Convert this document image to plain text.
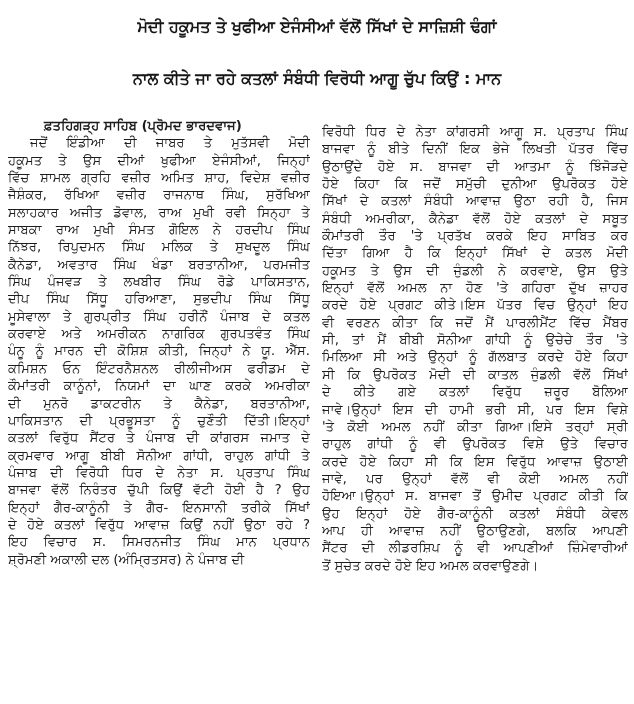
ਮੋਦੀ ਹਕੂਮਤ ਤੇ ਖੁਫੀਆ ਏਜੰਸੀਆਂ ਵੱਲੋਂ ਸਿੱਖਾਂ ਦੇ ਸਾਜ਼ਿਸ਼ੀ ਢੰਗਾਂ
ਨਾਲ ਕੀਤੇ ਜਾ ਰਹੇ ਕਤਲਾਂ ਸੰਬੰਧੀ ਵਿਰੋਧੀ ਆਗੂ ਚੁੱਪ ਕਿਉਂ : ਮਾਨ
ਫ਼ਤਹਿਗੜ੍ਹ ਸਾਹਿਬ (ਪ੍ਰੋਮਦ ਭਾਰਦਵਾਜ)
ਜਦੋਂ ਇੰਡੀਆ ਦੀ ਜਾਬਰ ਤੇ ਮੁਤੱਸਵੀ ਮੋਦੀ
ਹਕੂਮਤ ਤੇ ਉਸ ਦੀਆਂ ਖੁਫੀਆ ਏਜੰਸੀਆਂ, ਜਿਨ੍ਹਾਂ
ਵਿੱਚ ਸ਼ਾਮਲ ਗ੍ਰਹਿ ਵਜ਼ੀਰ ਅਮਿਤ ਸ਼ਾਹ, ਵਿਦੇਸ਼ ਵਜ਼ੀਰ
ਜੈਸ਼ੰਕਰ, ਰੱਖਿਆ ਵਜ਼ੀਰ ਰਾਜਨਾਥ ਸਿੰਘ, ਸੁਰੱਖਿਆ
ਸਲਾਹਕਾਰ ਅਜੀਤ ਡੋਵਾਲ, ਰਾਅ ਮੁਖੀ ਰਵੀ ਸਿਨ੍ਹਾ ਤੇ
ਸਾਬਕਾ ਰਾਅ ਮੁਖੀ ਸੰਮਤ ਗੋਇਲ ਨੇ ਹਰਦੀਪ ਸਿੰਘ
ਨਿੱਝਰ, ਰਿਪੁਦਮਨ ਸਿੰਘ ਮਲਿਕ ਤੇ ਸੁਖਦੂਲ ਸਿੰਘ
ਕੈਨੇਡਾ, ਅਵਤਾਰ ਸਿੰਘ ਖੰਡਾ ਬਰਤਾਨੀਆ, ਪਰਮਜੀਤ
ਸਿੰਘ ਪੰਜਵੜ ਤੇ ਲਖਬੀਰ ਸਿੰਘ ਰੋਡੇ ਪਾਕਿਸਤਾਨ,
ਦੀਪ ਸਿੰਘ ਸਿੱਧੂ ਹਰਿਆਣਾ, ਸੁਭਦੀਪ ਸਿੰਘ ਸਿੱਧੂ
ਮੂਸੇਵਾਲਾ ਤੇ ਗੁਰਪ੍ਰੀਤ ਸਿੰਘ ਹਰੀਨੌਂ ਪੰਜਾਬ ਦੇ ਕਤਲ
ਕਰਵਾਏ ਅਤੇ ਅਮਰੀਕਨ ਨਾਗਰਿਕ ਗੁਰਪਤਵੰਤ ਸਿੰਘ
ਪੰਨੂ ਨੂੰ ਮਾਰਨ ਦੀ ਕੋਸ਼ਿਸ਼ ਕੀਤੀ, ਜਿਨ੍ਹਾਂ ਨੇ ਯੂ. ਐੱਸ.
ਕਮਿਸ਼ਨ ਓਨ ਇੰਟਰਨੈਸ਼ਨਲ ਰੀਲੀਜੀਅਸ ਫਰੀਡਮ ਦੇ
ਕੌਮਾਂਤਰੀ ਕਾਨੂੰਨਾਂ, ਨਿਯਮਾਂ ਦਾ ਘਾਣ ਕਰਕੇ ਅਮਰੀਕਾ
ਦੀ ਮੁਨਰੋ ਡਾਕਟਰੀਨ ਤੇ ਕੈਨੇਡਾ, ਬਰਤਾਨੀਆ,
ਪਾਕਿਸਤਾਨ ਦੀ ਪ੍ਰਭੂਸਤਾ ਨੂੰ ਚੁਣੌਤੀ ਦਿੱਤੀ।ਇਨ੍ਹਾਂ
ਕਤਲਾਂ ਵਿਰੁੱਧ ਸੈਂਟਰ ਤੇ ਪੰਜਾਬ ਦੀ ਕਾਂਗਰਸ ਜਮਾਤ ਦੇ
ਕ੍ਰਮਵਾਰ ਆਗੂ ਬੀਬੀ ਸੋਨੀਆ ਗਾਂਧੀ, ਰਾਹੁਲ ਗਾਂਧੀ ਤੇ
ਪੰਜਾਬ ਦੀ ਵਿਰੋਧੀ ਧਿਰ ਦੇ ਨੇਤਾ ਸ. ਪ੍ਰਤਾਪ ਸਿੰਘ
ਬਾਜਵਾ ਵੱਲੋਂ ਨਿਰੰਤਰ ਚੁੱਪੀ ਕਿਉਂ ਵੱਟੀ ਹੋਈ ਹੈ ? ਉਹ
ਇਨ੍ਹਾਂ ਗੈਰ-ਕਾਨੂੰਨੀ ਤੇ ਗੈਰ- ਇਨਸਾਨੀ ਤਰੀਕੇ ਸਿੱਖਾਂ
ਦੇ ਹੋਏ ਕਤਲਾਂ ਵਿਰੁੱਧ ਆਵਾਜ਼ ਕਿਉਂ ਨਹੀਂ ਉਠਾ ਰਹੇ ?
ਇਹ ਵਿਚਾਰ ਸ. ਸਿਮਰਨਜੀਤ ਸਿੰਘ ਮਾਨ ਪ੍ਰਧਾਨ
ਸ਼੍ਰੋਮਣੀ ਅਕਾਲੀ ਦਲ (ਅੰਮ੍ਰਿਤਸਰ) ਨੇ ਪੰਜਾਬ ਦੀ
ਵਿਰੋਧੀ ਧਿਰ ਦੇ ਨੇਤਾ ਕਾਂਗਰਸੀ ਆਗੂ ਸ. ਪ੍ਰਤਾਪ ਸਿੰਘ
ਬਾਜਵਾ ਨੂੰ ਬੀਤੇ ਦਿਨੀਂ ਇਕ ਭੇਜੇ ਲਿਖਤੀ ਪੱਤਰ ਵਿੱਚ
ਉਠਾਉਂਦੇ ਹੋਏ ਸ. ਬਾਜਵਾ ਦੀ ਆਤਮਾ ਨੂੰ ਝਿੰਜੋੜਦੇ
ਹੋਏ ਕਿਹਾ ਕਿ ਜਦੋਂ ਸਮੁੱਚੀ ਦੁਨੀਆ ਉਪਰੋਕਤ ਹੋਏ
ਸਿੱਖਾਂ ਦੇ ਕਤਲਾਂ ਸੰਬੰਧੀ ਆਵਾਜ਼ ਉਠਾ ਰਹੀ ਹੈ, ਜਿਸ
ਸੰਬੰਧੀ ਅਮਰੀਕਾ, ਕੈਨੇਡਾ ਵੱਲੋਂ ਹੋਏ ਕਤਲਾਂ ਦੇ ਸਬੂਤ
ਕੌਮਾਂਤਰੀ ਤੌਰ 'ਤੇ ਪ੍ਰਤੱਖ ਕਰਕੇ ਇਹ ਸਾਬਿਤ ਕਰ
ਦਿੱਤਾ ਗਿਆ ਹੈ ਕਿ ਇਨ੍ਹਾਂ ਸਿੱਖਾਂ ਦੇ ਕਤਲ ਮੋਦੀ
ਹਕੂਮਤ ਤੇ ਉਸ ਦੀ ਜੁੰਡਲੀ ਨੇ ਕਰਵਾਏ, ਉਸ ਉਤੇ
ਇਨ੍ਹਾਂ ਵੱਲੋਂ ਅਮਲ ਨਾ ਹੋਣ 'ਤੇ ਗਹਿਰਾ ਦੁੱਖ ਜ਼ਾਹਰ
ਕਰਦੇ ਹੋਏ ਪ੍ਰਗਟ ਕੀਤੇ।ਇਸ ਪੱਤਰ ਵਿਚ ਉਨ੍ਹਾਂ ਇਹ
ਵੀ ਵਰਣਨ ਕੀਤਾ ਕਿ ਜਦੋਂ ਮੈਂ ਪਾਰਲੀਮੈਂਟ ਵਿੱਚ ਮੈਂਬਰ
ਸੀ, ਤਾਂ ਮੈਂ ਬੀਬੀ ਸੋਨੀਆ ਗਾਂਧੀ ਨੂੰ ਉਚੇਚੇ ਤੌਰ 'ਤੇ
ਮਿਲਿਆ ਸੀ ਅਤੇ ਉਨ੍ਹਾਂ ਨੂੰ ਗੱਲਬਾਤ ਕਰਦੇ ਹੋਏ ਕਿਹਾ
ਸੀ ਕਿ ਉਪਰੋਕਤ ਮੋਦੀ ਦੀ ਕਾਤਲ ਜੁੰਡਲੀ ਵੱਲੋਂ ਸਿੱਖਾਂ
ਦੇ ਕੀਤੇ ਗਏ ਕਤਲਾਂ ਵਿਰੁੱਧ ਜ਼ਰੂਰ ਬੋਲਿਆ
ਜਾਵੇ।ਉਨ੍ਹਾਂ ਇਸ ਦੀ ਹਾਮੀ ਭਰੀ ਸੀ, ਪਰ ਇਸ ਵਿਸ਼ੇ
'ਤੇ ਕੋਈ ਅਮਲ ਨਹੀਂ ਕੀਤਾ ਗਿਆ।ਇਸੇ ਤਰ੍ਹਾਂ ਸ੍ਰੀ
ਰਾਹੁਲ ਗਾਂਧੀ ਨੂੰ ਵੀ ਉਪਰੋਕਤ ਵਿਸ਼ੇ ਉਤੇ ਵਿਚਾਰ
ਕਰਦੇ ਹੋਏ ਕਿਹਾ ਸੀ ਕਿ ਇਸ ਵਿਰੁੱਧ ਆਵਾਜ਼ ਉਠਾਈ
ਜਾਵੇ, ਪਰ ਉਨ੍ਹਾਂ ਵੱਲੋਂ ਵੀ ਕੋਈ ਅਮਲ ਨਹੀਂ
ਹੋਇਆ।ਉਨ੍ਹਾਂ ਸ. ਬਾਜਵਾ ਤੋਂ ਉਮੀਦ ਪ੍ਰਗਟ ਕੀਤੀ ਕਿ
ਉਹ ਇਨ੍ਹਾਂ ਹੋਏ ਗੈਰ-ਕਾਨੂੰਨੀ ਕਤਲਾਂ ਸੰਬੰਧੀ ਕੇਵਲ
ਆਪ ਹੀ ਆਵਾਜ਼ ਨਹੀਂ ਉਠਾਉਣਗੇ, ਬਲਕਿ ਆਪਣੀ
ਸੈਂਟਰ ਦੀ ਲੀਡਰਸ਼ਿਪ ਨੂੰ ਵੀ ਆਪਣੀਆਂ ਜ਼ਿੰਮੇਵਾਰੀਆਂ
ਤੋਂ ਸੁਚੇਤ ਕਰਦੇ ਹੋਏ ਇਹ ਅਮਲ ਕਰਵਾਉਣਗੇ।
